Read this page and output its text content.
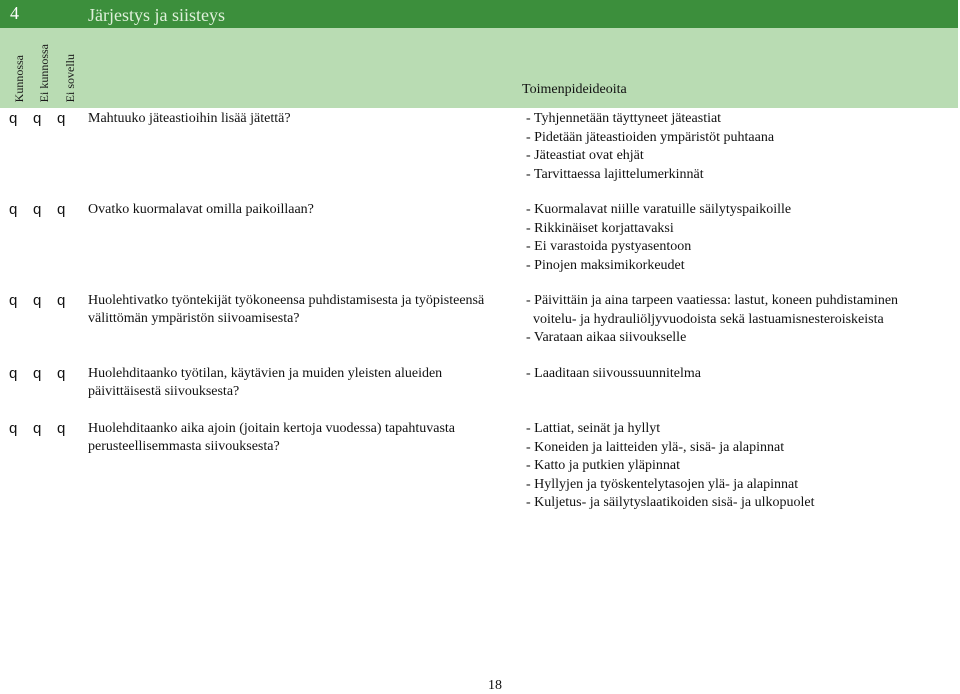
4	Järjestys ja siisteys
Kunnossa Ei kunnossa Ei sovellu	Toimenpideideoita
q q q	Mahtuuko jäteastioihin lisää jätettä?	- Tyhjennetään täyttyneet jäteastiat
- Pidetään jäteastioiden ympäristöt puhtaana
- Jäteastiat ovat ehjät
- Tarvittaessa lajittelumerkinnät
q q q	Ovatko kuormalavat omilla paikoillaan?	- Kuormalavat niille varatuille säilytyspaikoille
- Rikkinäiset korjattavaksi
- Ei varastoida pystyasentoon
- Pinojen maksimikorkeudet
q q q	Huolehtivatko työntekijät työkoneensa puhdistamisesta ja työpisteensä välittömän ympäristön siivoamisesta?
- Päivittäin ja aina tarpeen vaatiessa: lastut, koneen puhdistaminen
voitelu- ja hydrauliöljyvuodoista sekä lastuamisnesteroiskeista
- Varataan aikaa siivoukselle
q q q	Huolehditaanko työtilan, käytävien ja muiden yleisten alueiden päivittäisestä siivouksesta?
- Laaditaan siivoussuunnitelma
q q q	Huolehditaanko aika ajoin (joitain kertoja vuodessa) tapahtuvasta perusteellisemmasta siivouksesta?
- Lattiat, seinät ja hyllyt
- Koneiden ja laitteiden ylä-, sisä- ja alapinnat
- Katto ja putkien yläpinnat
- Hyllyjen ja työskentelytasojen ylä- ja alapinnat
- Kuljetus- ja säilytyslaatikoiden sisä- ja ulkopuolet
18
